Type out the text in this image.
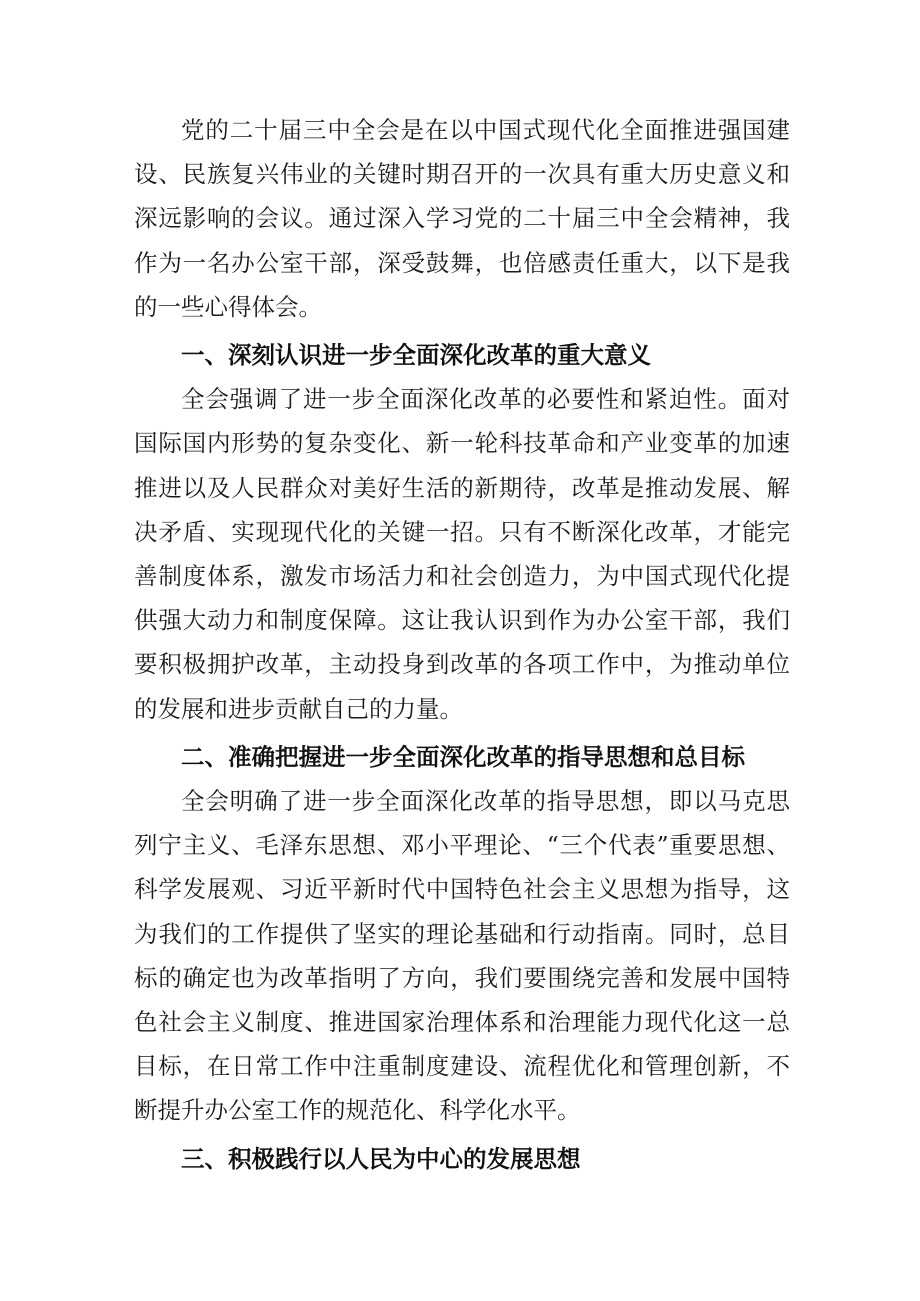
党的二十届三中全会是在以中国式现代化全面推进强国建设、民族复兴伟业的关键时期召开的一次具有重大历史意义和深远影响的会议。通过深入学习党的二十届三中全会精神，我作为一名办公室干部，深受鼓舞，也倍感责任重大，以下是我的一些心得体会。

一、深刻认识进一步全面深化改革的重大意义

全会强调了进一步全面深化改革的必要性和紧迫性。面对国际国内形势的复杂变化、新一轮科技革命和产业变革的加速推进以及人民群众对美好生活的新期待，改革是推动发展、解决矛盾、实现现代化的关键一招。只有不断深化改革，才能完善制度体系，激发市场活力和社会创造力，为中国式现代化提供强大动力和制度保障。这让我认识到作为办公室干部，我们要积极拥护改革，主动投身到改革的各项工作中，为推动单位的发展和进步贡献自己的力量。

二、准确把握进一步全面深化改革的指导思想和总目标

全会明确了进一步全面深化改革的指导思想，即以马克思列宁主义、毛泽东思想、邓小平理论、“三个代表”重要思想、科学发展观、习近平新时代中国特色社会主义思想为指导，这为我们的工作提供了坚实的理论基础和行动指南。同时，总目标的确定也为改革指明了方向，我们要围绕完善和发展中国特色社会主义制度、推进国家治理体系和治理能力现代化这一总目标，在日常工作中注重制度建设、流程优化和管理创新，不断提升办公室工作的规范化、科学化水平。

三、积极践行以人民为中心的发展思想
